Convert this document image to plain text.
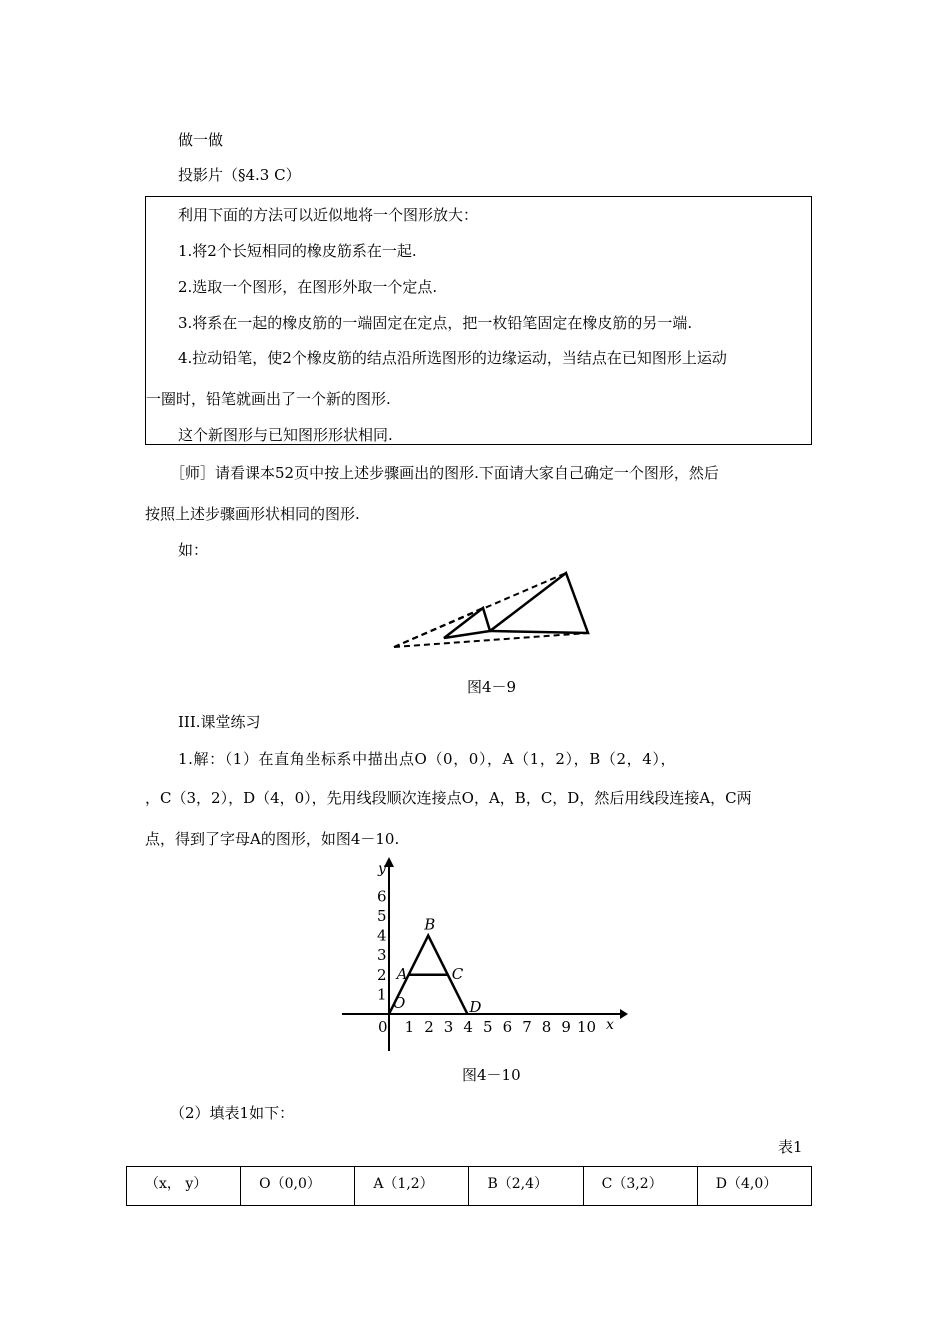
做一做
投影片（§4.3 C）
利用下面的方法可以近似地将一个图形放大：
1.将2个长短相同的橡皮筋系在一起.
2.选取一个图形，在图形外取一个定点.
3.将系在一起的橡皮筋的一端固定在定点，把一枚铅笔固定在橡皮筋的另一端.
4.拉动铅笔，使2个橡皮筋的结点沿所选图形的边缘运动，当结点在已知图形上运动
一圈时，铅笔就画出了一个新的图形.
这个新图形与已知图形形状相同.
［师］请看课本52页中按上述步骤画出的图形.下面请大家自己确定一个图形，然后
按照上述步骤画形状相同的图形.
如：
图4－9
III.课堂练习
1.解：（1）在直角坐标系中描出点O（0，0），A（1，2），B（2，4），
，C（3，2），D（4，0），先用线段顺次连接点O，A，B，C，D，然后用线段连接A，C两
点，得到了字母A的图形，如图4－10.
x
y
0 1 2 3 4 5 6 7 8 9 10
1
2
3
4
5
6
O
A
B
C
D
图4－10
（2）填表1如下：
表1
（x， y）	O（0,0）	A（1,2）	B（2,4）	C（3,2）	D（4,0）
